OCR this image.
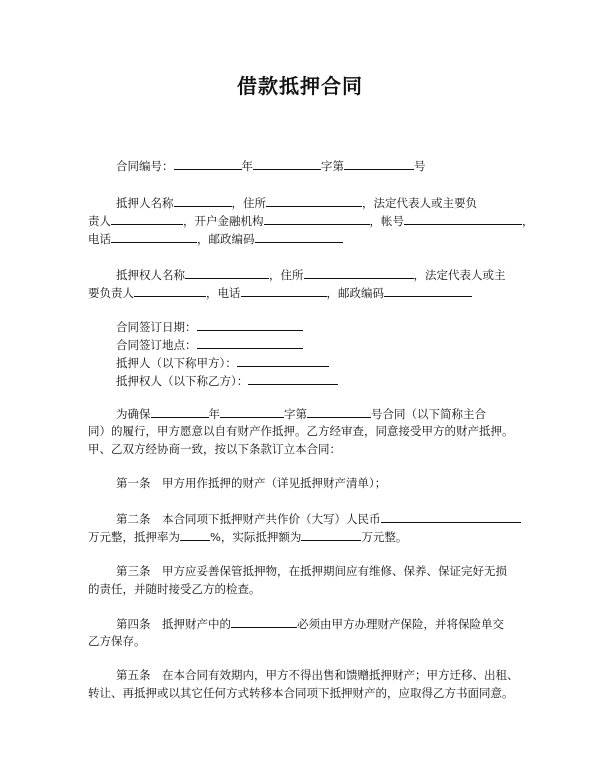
借款抵押合同
合同编号：	年	字第	号
抵押人名称	，住所	，法定代表人或主要负
责人	，开户金融机构	，帐号	，
电话	，邮政编码
抵押权人名称	，住所	，法定代表人或主
要负责人	，电话	，邮政编码
合同签订日期：
合同签订地点：
抵押人（以下称甲方）：
抵押权人（以下称乙方）：
为确保	年	字第	号合同（以下简称主合
同）的履行，甲方愿意以自有财产作抵押。乙方经审查，同意接受甲方的财产抵押。
甲、乙双方经协商一致，按以下条款订立本合同：
第一条　甲方用作抵押的财产（详见抵押财产清单）；
第二条　本合同项下抵押财产共作价（大写）人民币
万元整，抵押率为	%，实际抵押额为	万元整。
第三条　甲方应妥善保管抵押物，在抵押期间应有维修、保养、保证完好无损
的责任，并随时接受乙方的检查。
第四条　抵押财产中的	必须由甲方办理财产保险，并将保险单交
乙方保存。
第五条　在本合同有效期内，甲方不得出售和馈赠抵押财产；甲方迁移、出租、
转让、再抵押或以其它任何方式转移本合同项下抵押财产的，应取得乙方书面同意。
